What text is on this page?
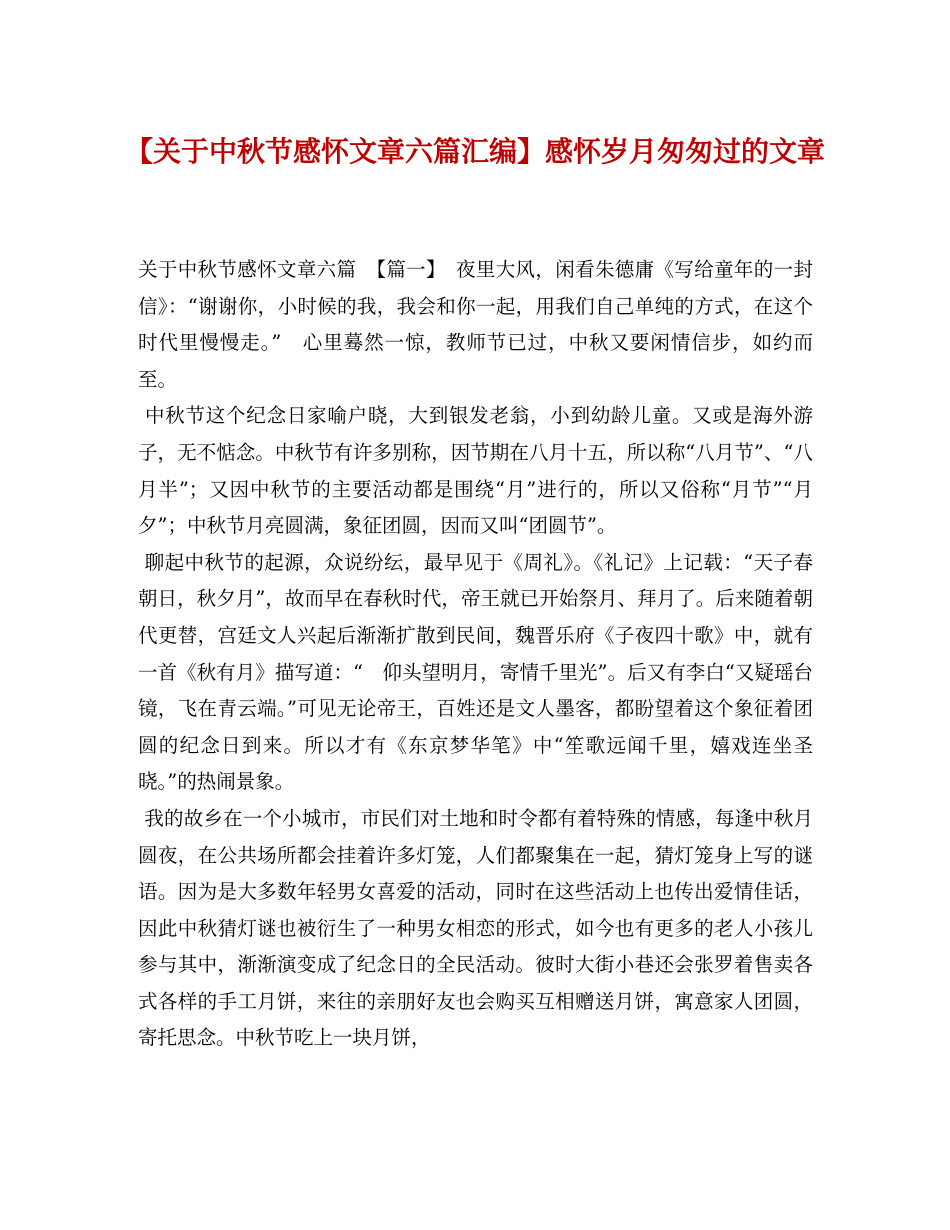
【关于中秋节感怀文章六篇汇编】感怀岁月匆匆过的文章

关于中秋节感怀文章六篇　【篇一】　夜里大风，闲看朱德庸《写给童年的一封信》：“谢谢你，小时候的我，我会和你一起，用我们自己单纯的方式，在这个时代里慢慢走。”　心里蓦然一惊，教师节已过，中秋又要闲情信步，如约而至。

中秋节这个纪念日家喻户晓，大到银发老翁，小到幼龄儿童。又或是海外游子，无不惦念。中秋节有许多别称，因节期在八月十五，所以称“八月节”、“八月半”；又因中秋节的主要活动都是围绕“月”进行的，所以又俗称“月节”“月夕”；中秋节月亮圆满，象征团圆，因而又叫“团圆节”。

聊起中秋节的起源，众说纷纭，最早见于《周礼》。《礼记》上记载：“天子春朝日，秋夕月”，故而早在春秋时代，帝王就已开始祭月、拜月了。后来随着朝代更替，宫廷文人兴起后渐渐扩散到民间，魏晋乐府《子夜四十歌》中，就有一首《秋有月》描写道：“　仰头望明月，寄情千里光”。后又有李白“又疑瑶台镜，飞在青云端。”可见无论帝王，百姓还是文人墨客，都盼望着这个象征着团圆的纪念日到来。所以才有《东京梦华笔》中“笙歌远闻千里，嬉戏连坐圣晓。”的热闹景象。

我的故乡在一个小城市，市民们对土地和时令都有着特殊的情感，每逢中秋月圆夜，在公共场所都会挂着许多灯笼，人们都聚集在一起，猜灯笼身上写的谜语。因为是大多数年轻男女喜爱的活动，同时在这些活动上也传出爱情佳话，因此中秋猜灯谜也被衍生了一种男女相恋的形式，如今也有更多的老人小孩儿参与其中，渐渐演变成了纪念日的全民活动。彼时大街小巷还会张罗着售卖各式各样的手工月饼，来往的亲朋好友也会购买互相赠送月饼，寓意家人团圆，寄托思念。中秋节吃上一块月饼，
